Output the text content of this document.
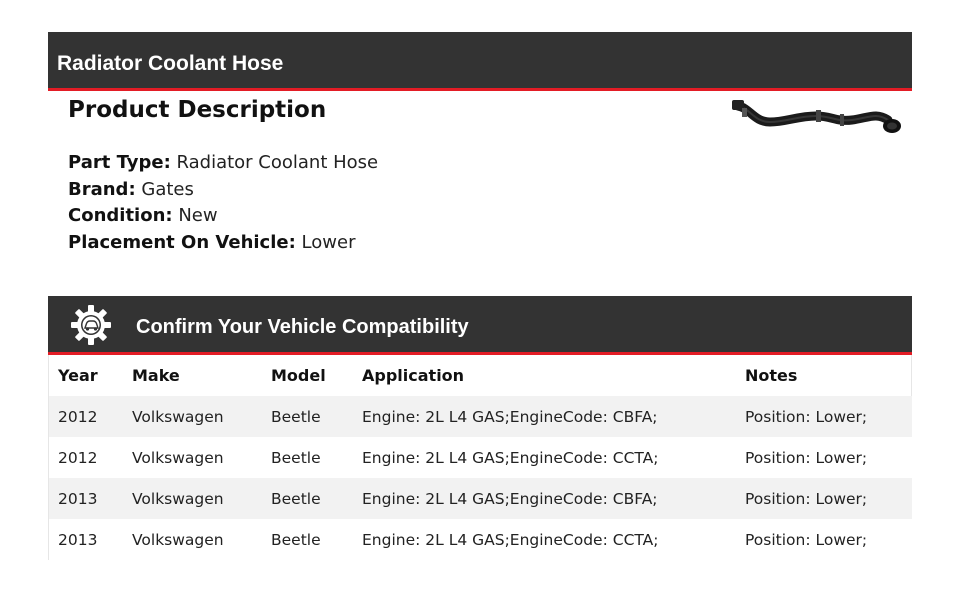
Radiator Coolant Hose
Product Description
Part Type: Radiator Coolant Hose
Brand: Gates
Condition: New
Placement On Vehicle: Lower
Confirm Your Vehicle Compatibility
Year	Make	Model	Application	Notes
2012	Volkswagen	Beetle	Engine: 2L L4 GAS;EngineCode: CBFA;	Position: Lower;
2012	Volkswagen	Beetle	Engine: 2L L4 GAS;EngineCode: CCTA;	Position: Lower;
2013	Volkswagen	Beetle	Engine: 2L L4 GAS;EngineCode: CBFA;	Position: Lower;
2013	Volkswagen	Beetle	Engine: 2L L4 GAS;EngineCode: CCTA;	Position: Lower;
